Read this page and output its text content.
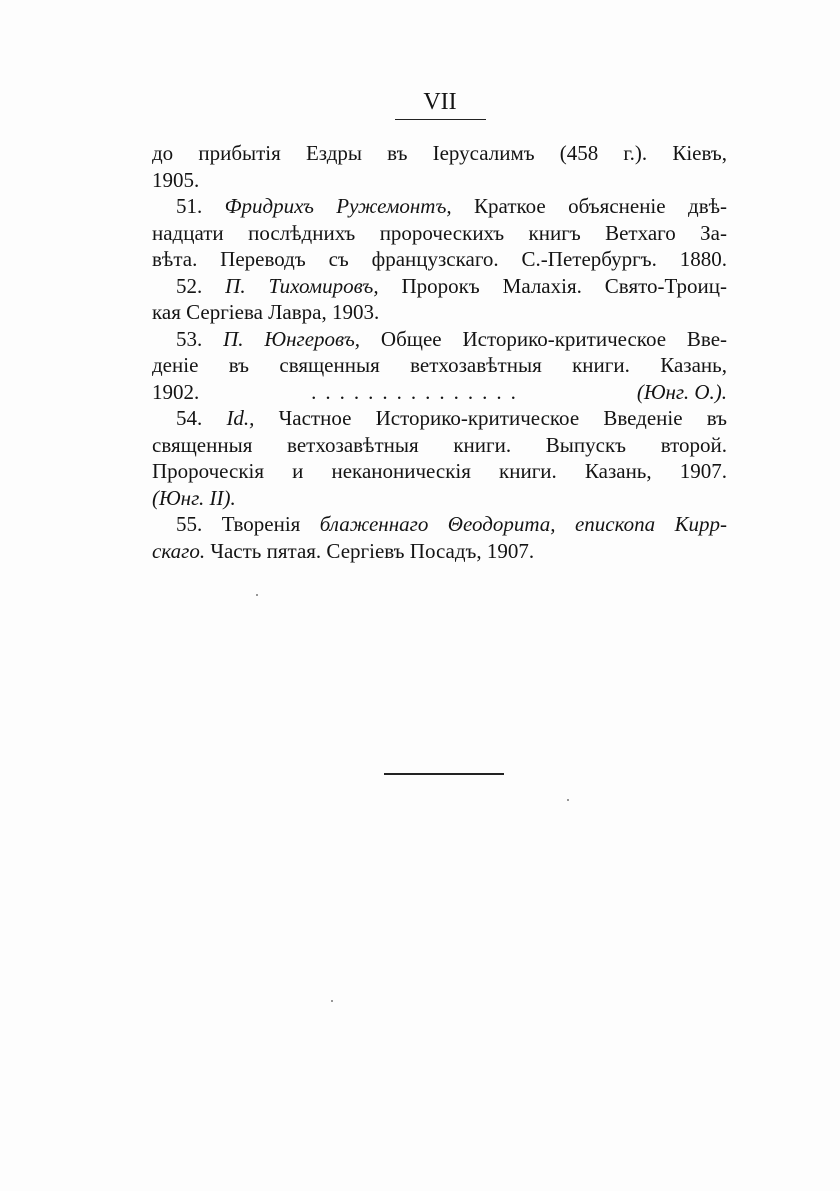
VII
до прибытія Ездры въ Іерусалимъ (458 г.). Кіевъ,
1905.
51. Фридрихъ Ружемонтъ, Краткое объясненіе двѣ-
надцати послѣднихъ пророческихъ книгъ Ветхаго За-
вѣта. Переводъ съ французскаго. С.-Петербургъ. 1880.
52. П. Тихомировъ, Пророкъ Малахія. Свято-Троиц-
кая Сергіева Лавра, 1903.
53. П. Юнгеровъ, Общее Историко-критическое Вве-
деніе въ священныя ветхозавѣтныя книги. Казань,
1902.	...............	(Юнг. О.).
54. Id., Частное Историко-критическое Введеніе въ
священныя ветхозавѣтныя книги. Выпускъ второй.
Пророческія и неканоническія книги. Казань, 1907.
(Юнг. II).
55. Творенія блаженнаго Θеодорита, епископа Кирр-
скаго. Часть пятая. Сергіевъ Посадъ, 1907.
